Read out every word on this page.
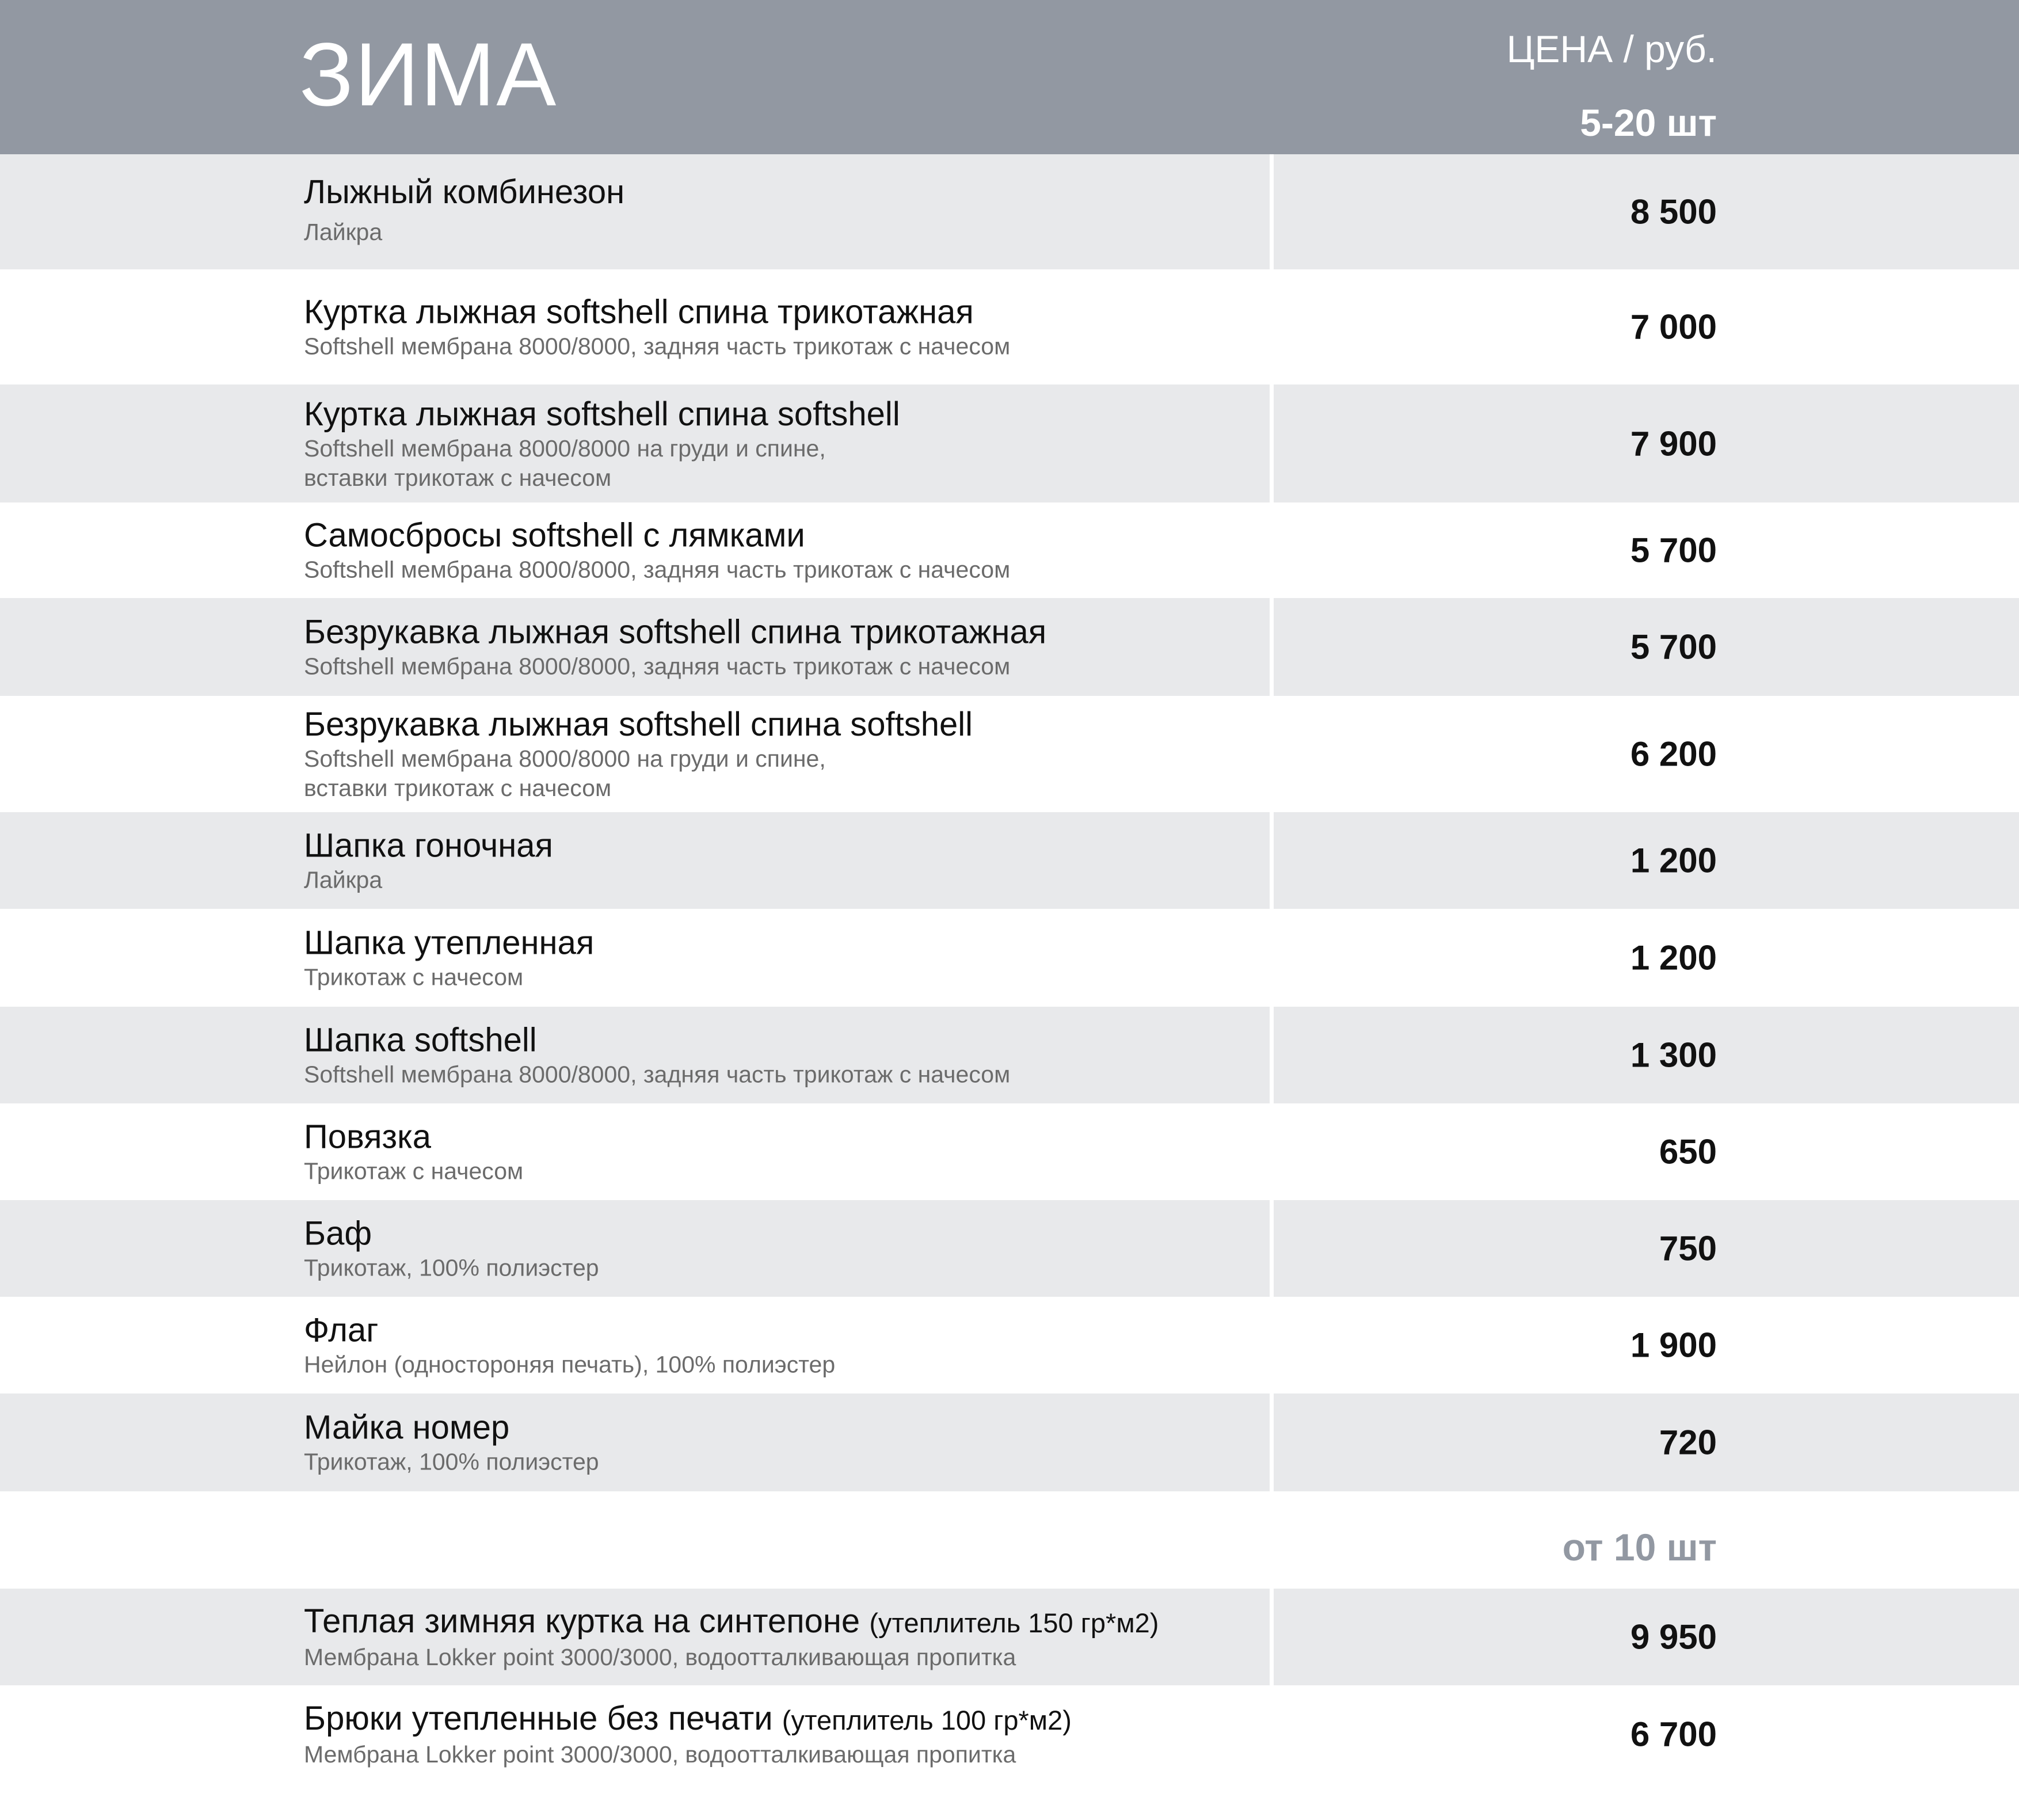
ЗИМА	ЦЕНА / руб.
5-20 шт
Лыжный комбинезон
Лайкра
8 500
Куртка лыжная softshell спина трикотажная
Softshell мембрана 8000/8000, задняя часть трикотаж с начесом	7 000
Куртка лыжная softshell спина softshell
Softshell мембрана 8000/8000 на груди и спине,
вставки трикотаж с начесом
7 900
Самосбросы softshell с лямками
Softshell мембрана 8000/8000, задняя часть трикотаж с начесом	5 700
Безрукавка лыжная softshell спина трикотажная
Softshell мембрана 8000/8000, задняя часть трикотаж с начесом	5 700
Безрукавка лыжная softshell спина softshell
Softshell мембрана 8000/8000 на груди и спине,
вставки трикотаж с начесом
6 200
Шапка гоночная
Лайкра	1 200
Шапка утепленная
Трикотаж с начесом	1 200
Шапка softshell
Softshell мембрана 8000/8000, задняя часть трикотаж с начесом	1 300
Повязка
Трикотаж с начесом	650
Баф
Трикотаж, 100% полиэстер	750
Флаг
Нейлон (одностороняя печать), 100% полиэстер	1 900
Майка номер
Трикотаж, 100% полиэстер	720
от 10 шт
Теплая зимняя куртка на синтепоне (утеплитель 150 гр*м2)
Мембрана Lokker point 3000/3000, водоотталкивающая пропитка
9 950
Брюки утепленные без печати (утеплитель 100 гр*м2)
Мембрана Lokker point 3000/3000, водоотталкивающая пропитка
6 700
